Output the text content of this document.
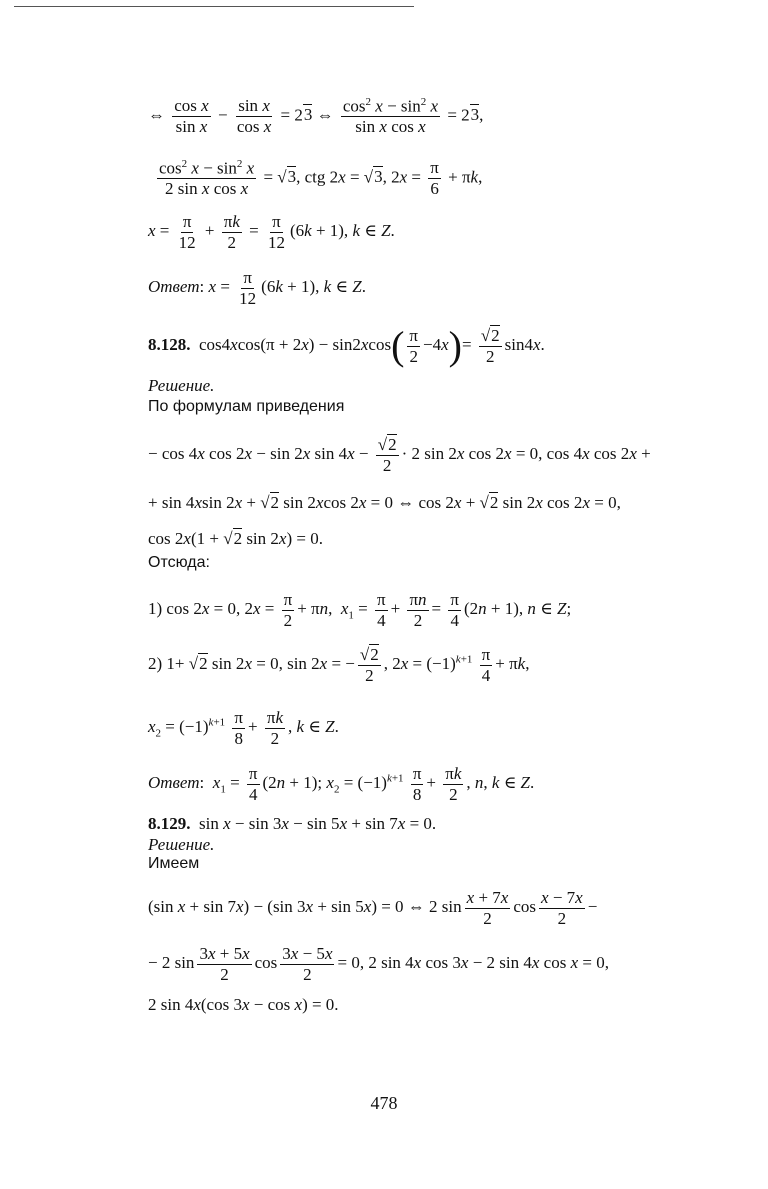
⇔ $\frac{\text{cos x}}{\text{sin x}} - \frac{\text{sin x}}{\text{cos x}} = 23$ ⇔ $\frac{\cos^2 x - \sin^2 x}{\text{sin x cos x}} = 23$,
$\frac{\cos^2 x - \sin^2 x}{\text{2 sin x cos x}} = √3$, ctg 2x = √3, $2x = \frac{\pi}{6} + \pi k$,
$x = \frac{\pi}{12} + \frac{\pi k}{2} = \frac{\pi}{12} (6k + 1)$, k ∈ Z.
Ответ: $x = \frac{\pi}{12} (6k + 1)$, k ∈ Z.
8.128.  $\cos 4xcos(\pi + 2x) - \sin 2xcos( \frac{\pi}{2} -4x)= \frac{√2}{2} \sin 4x$.
Решение.
По формулам приведения
− cos 4x cos 2x − sin 2x $\sin 4x - \frac{√2}{2} \cdot 2$ sin 2x cos 2x = 0, cos 4x cos 2x +
+ sin 4xsin 2x + √2 sin 2xcos 2x = 0 ⇔ cos 2x + √2 sin 2x cos 2x = 0,
cos 2x(1 + √2 sin 2x) = 0.
Отсюда:
1) cos 2x = 0, $2x = \frac{\pi}{2} + \pi n$,  $x_1 = \frac{\pi}{4} + \frac{\pi n}{2} = \frac{\pi}{4} (2n + 1)$, n ∈ Z;
2) 1+ √2 sin 2x = 0, sin 2x = − $\frac{√2}{2}$ , $2x = (-1)^{k+1} \frac{\pi}{4} + \pi k$,
$x_2 = (-1)^{k+1} \frac{\pi}{8} + \frac{\pi k}{2}$ , k ∈ Z.
Ответ:  $x_1 = \frac{\pi}{4} (2n + 1)$; $x_2 = (-1)^{k+1} \frac{\pi}{8} + \frac{\pi k}{2}$ , n, k ∈ Z.
8.129.  sin x − sin 3x − sin 5x + sin 7x = 0.
Решение.
Имеем
(sin x + sin 7x) − (sin 3x + sin 5x) = 0 ⇔ 2 $\sin \frac{x + 7x}{2}$ $\cos \frac{x - 7x}{2}$ −
− 2 $\sin \frac{3x + 5x}{2}$ $\cos \frac{3x - 5x}{2} = 0$, 2 sin 4x cos 3x − 2 sin 4x cos x = 0,
2 sin 4x(cos 3x − cos x) = 0.
478
